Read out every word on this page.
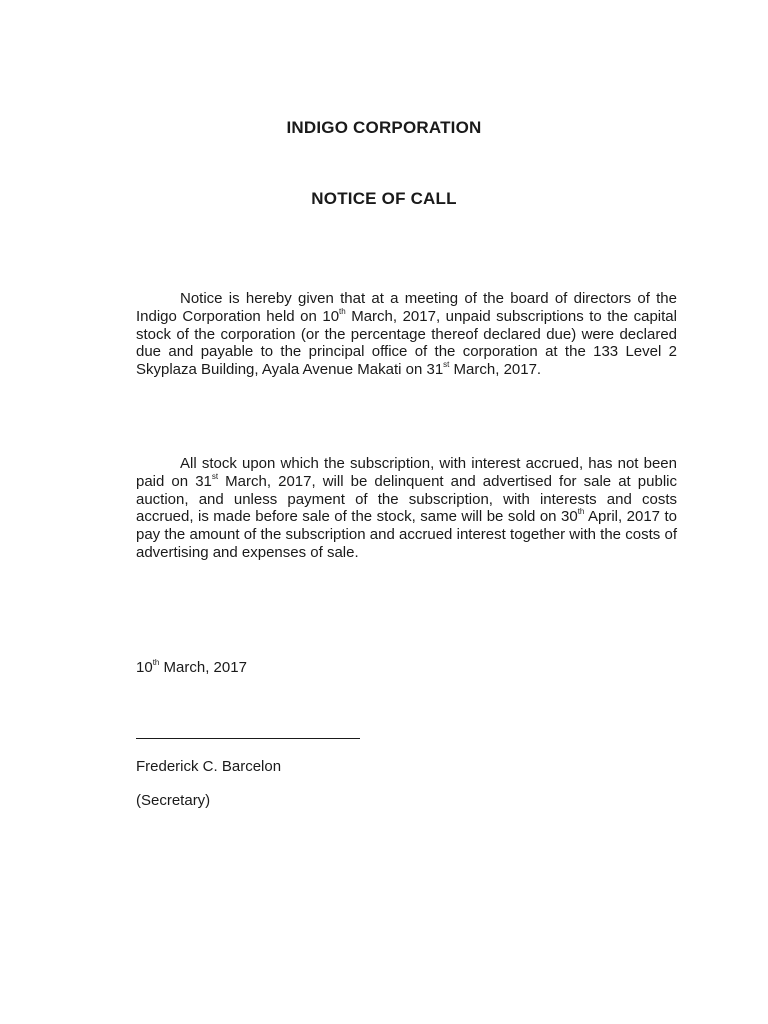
INDIGO CORPORATION
NOTICE OF CALL

Notice is hereby given that at a meeting of the board of directors of the Indigo Corporation held on 10th March, 2017, unpaid subscriptions to the capital stock of the corporation (or the percentage thereof declared due) were declared due and payable to the principal office of the corporation at the 133 Level 2 Skyplaza Building, Ayala Avenue Makati on 31st March, 2017.

All stock upon which the subscription, with interest accrued, has not been paid on 31st March, 2017, will be delinquent and advertised for sale at public auction, and unless payment of the subscription, with interests and costs accrued, is made before sale of the stock, same will be sold on 30th April, 2017 to pay the amount of the subscription and accrued interest together with the costs of advertising and expenses of sale.

10th March, 2017

Frederick C. Barcelon

(Secretary)
